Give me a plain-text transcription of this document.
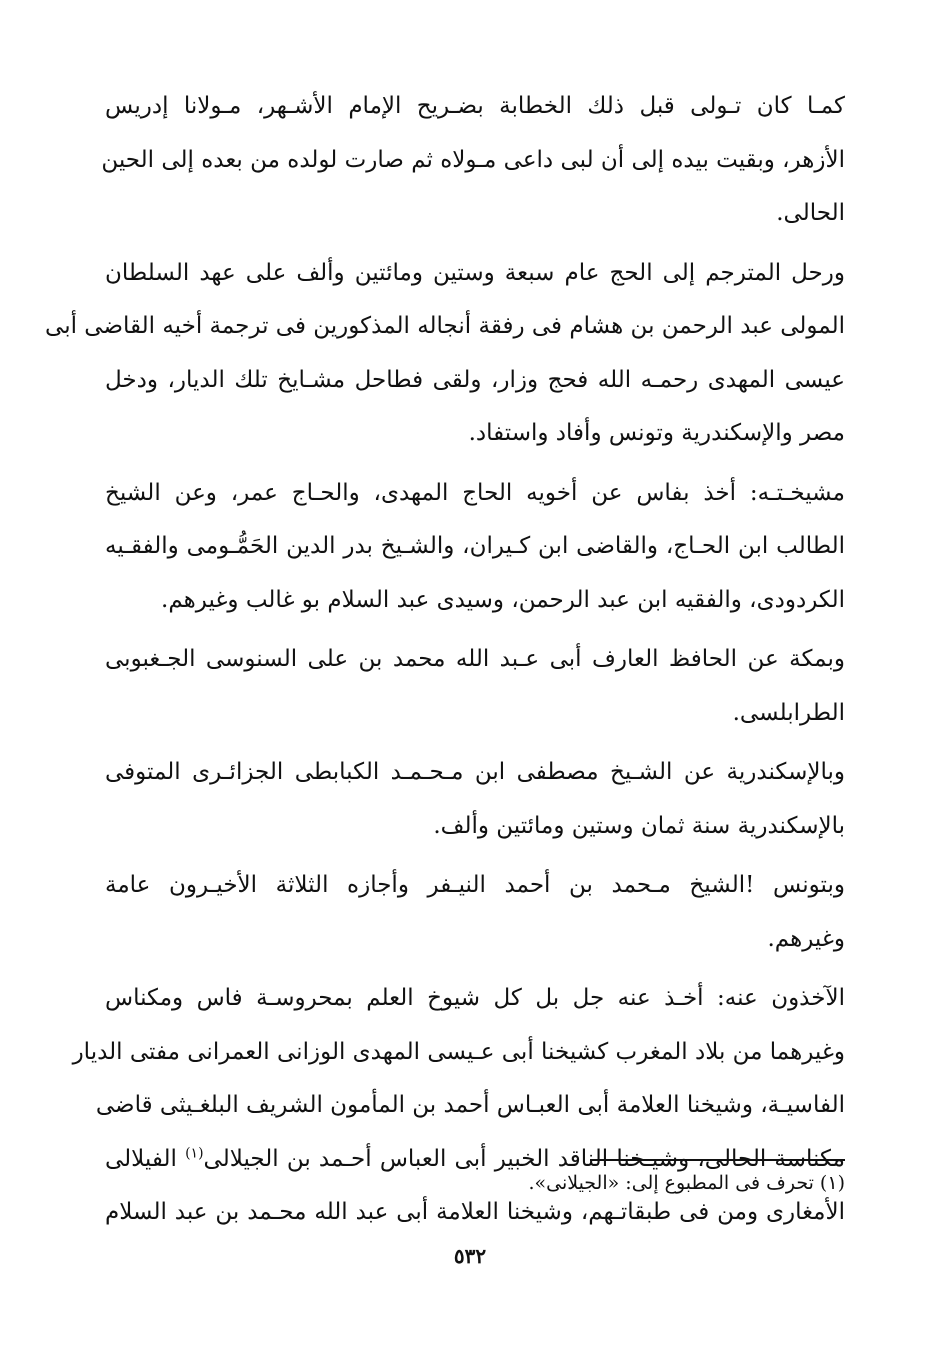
كمـا كان تـولى قبل ذلك الخطابة بضـريح الإمام الأشـهر، مـولانا إدريس
الأزهر، وبقيت بيده إلى أن لبى داعى مـولاه ثم صارت لولده من بعده إلى الحين
الحالى.

ورحل المترجم إلى الحج عام سبعة وستين ومائتين وألف على عهد السلطان
المولى عبد الرحمن بن هشام فى رفقة أنجاله المذكورين فى ترجمة أخيه القاضى أبى
عيسى المهدى رحمـه الله فحج وزار، ولقى فطاحل مشـايخ تلك الديار، ودخل
مصر والإسكندرية وتونس وأفاد واستفاد.

مشيخـتـه: أخذ بفاس عن أخويه الحاج المهدى، والحـاج عمر، وعن الشيخ
الطالب ابن الحـاج، والقاضى ابن كـيران، والشـيخ بدر الدين الحَمُّـومى والفقـيه
الكردودى، والفقيه ابن عبد الرحمن، وسيدى عبد السلام بو غالب وغيرهم.

وبمكة عن الحافظ العارف أبى عـبد الله محمد بن على السنوسى الجـغبوبى
الطرابلسى.

وبالإسكندرية عن الشـيخ مصطفى ابن مـحـمـد الكبابطى الجزائـرى المتوفى
بالإسكندرية سنة ثمان وستين ومائتين وألف.

وبتونس !الشيخ مـحمد بن أحمد النيـفر وأجازه الثلاثة الأخيـرون عامة
وغيرهم.

الآخذون عنه: أخـذ عنه جل بل كل شيوخ العلم بمحروسـة فاس ومكناس
وغيرهما من بلاد المغرب كشيخنا أبى عـيسى المهدى الوزانى العمرانى مفتى الديار
الفاسيـة، وشيخنا العلامة أبى العبـاس أحمد بن المأمون الشريف البلغـيثى قاضى
مكناسة الحالى، وشيـخنا الناقد الخبير أبى العباس أحـمد بن الجيلالى$^{(١)}$ الفيلالى
الأمغارى ومن فى طبقاتـهم، وشيخنا العلامة أبى عبد الله محـمد بن عبد السلام

(١) تحرف فى المطبوع إلى: «الجيلانى».
٥٣٢
